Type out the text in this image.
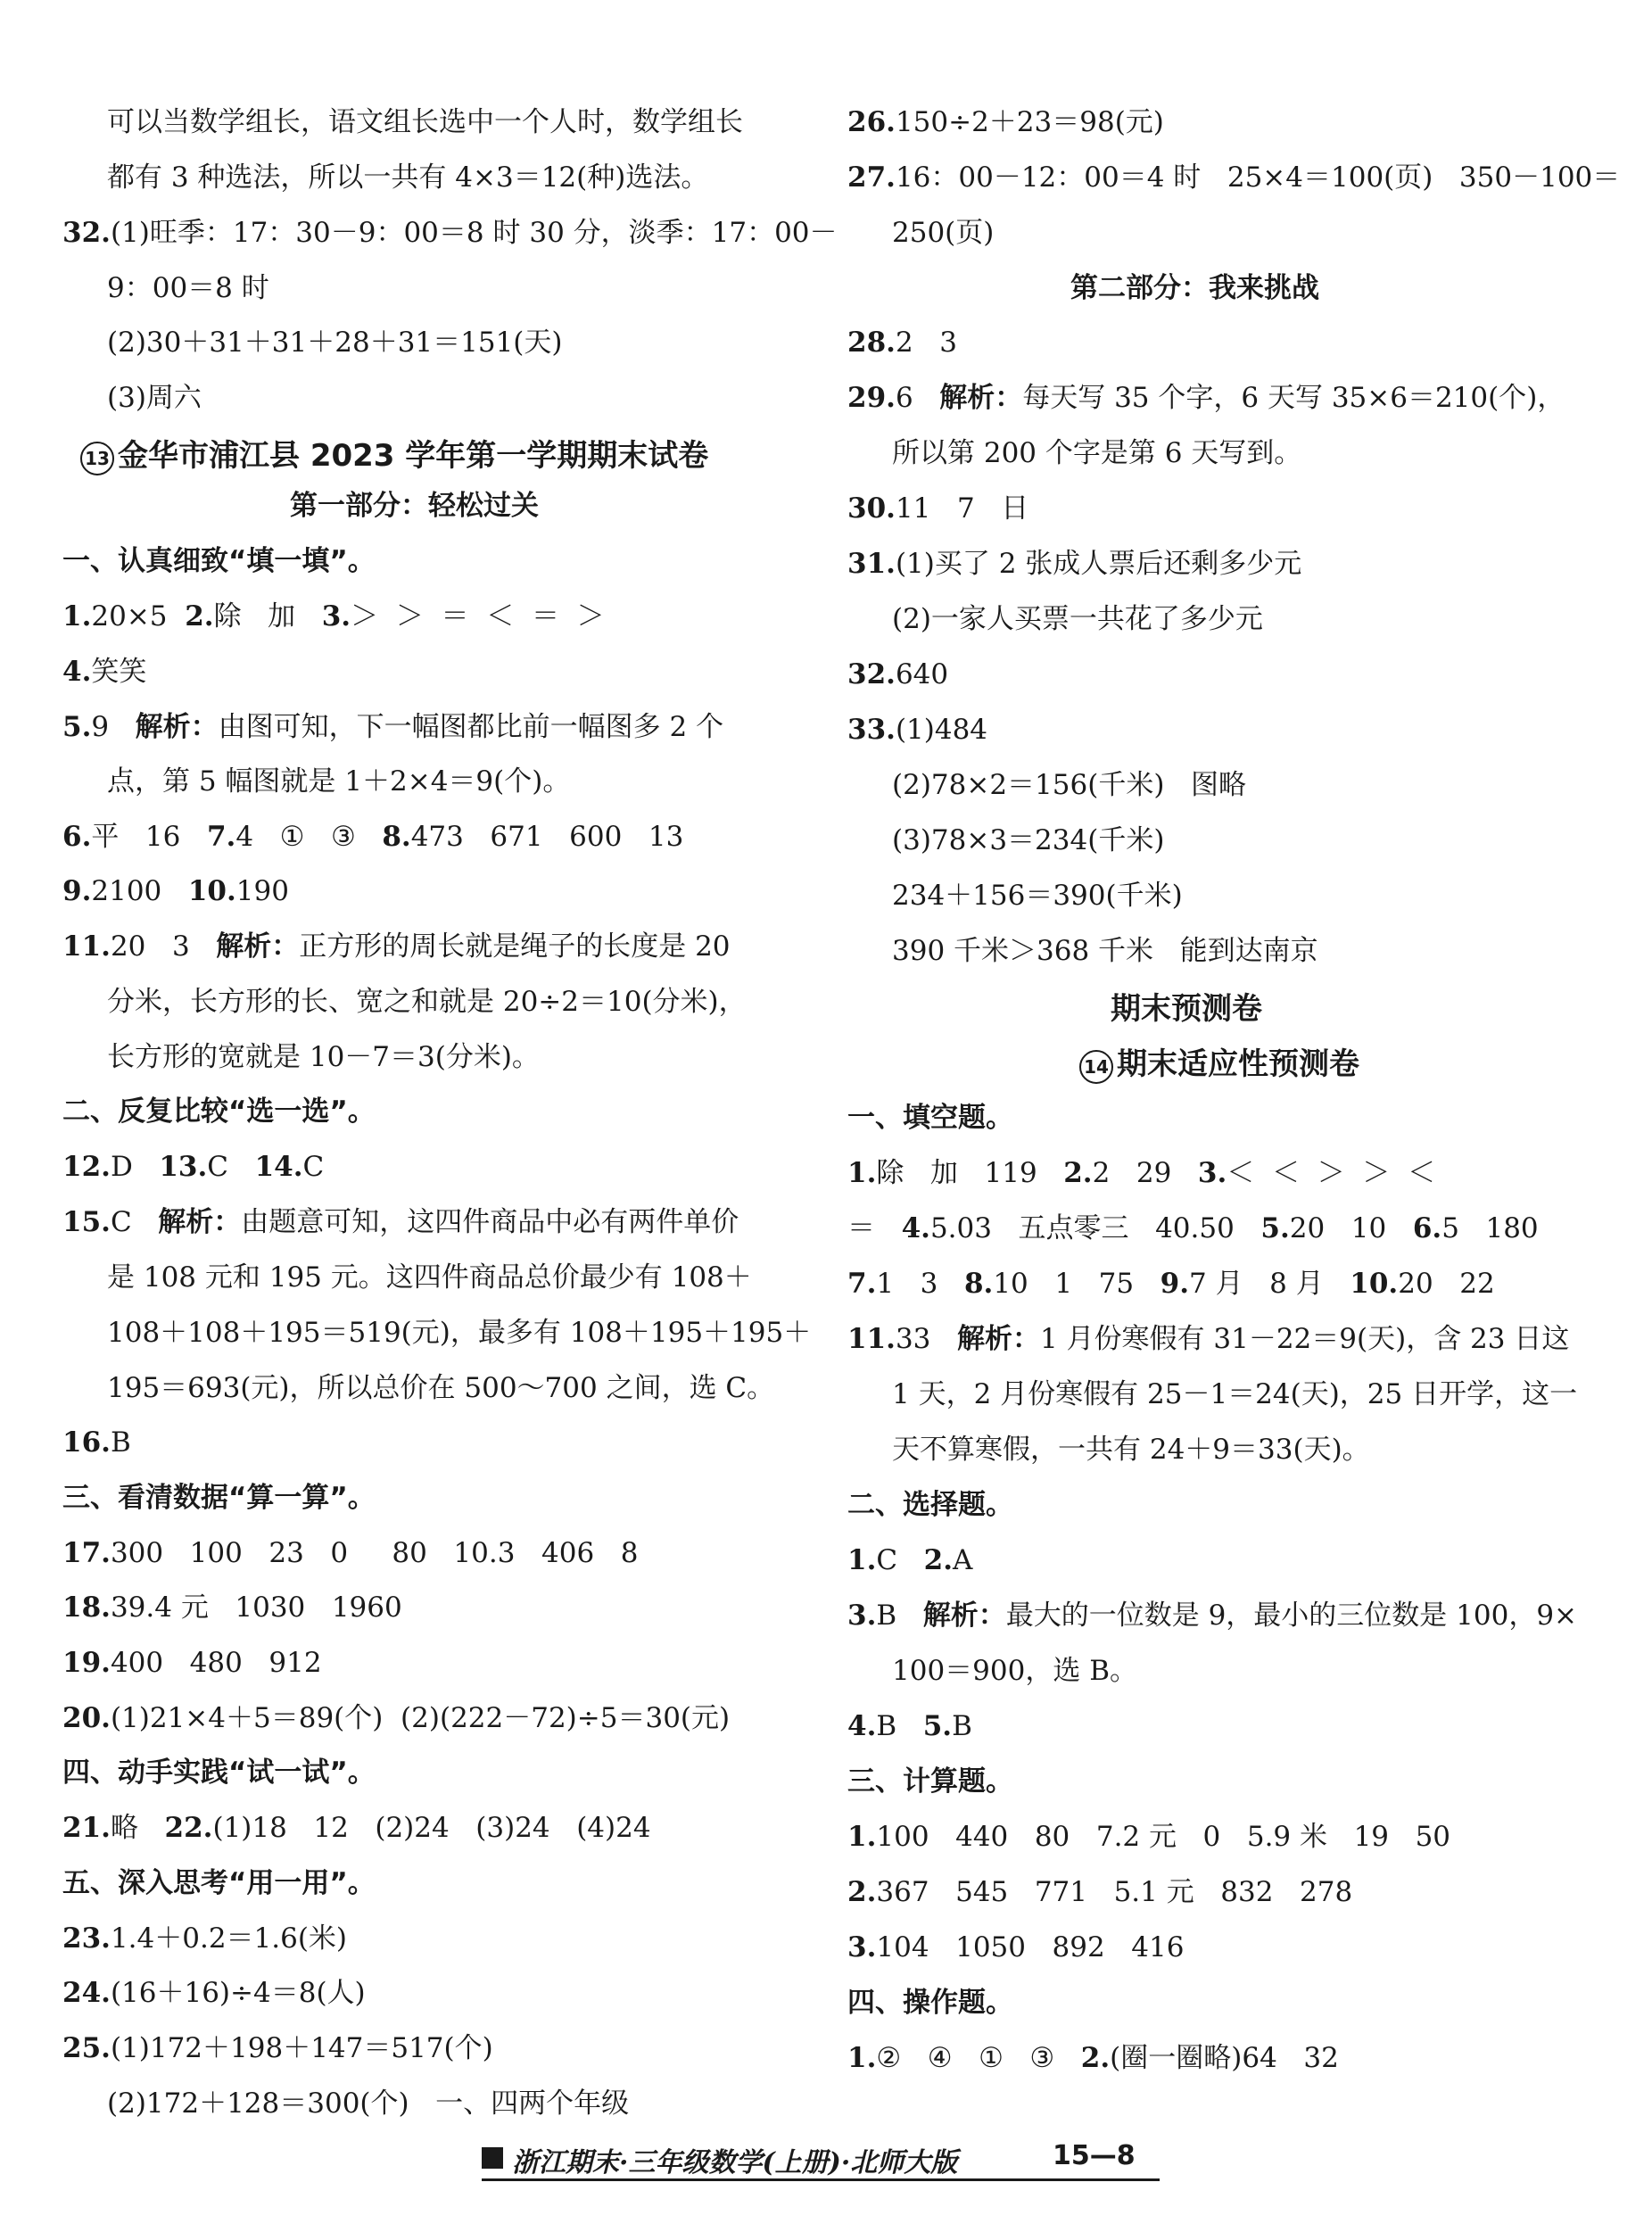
可以当数学组长，语文组长选中一个人时，数学组长
都有 3 种选法，所以一共有 4×3＝12(种)选法。
32.(1)旺季：17：30－9：00＝8 时 30 分，淡季：17：00－
9：00＝8 时
(2)30＋31＋31＋28＋31＝151(天)
(3)周六
13 金华市浦江县 2023 学年第一学期期末试卷
第一部分：轻松过关
一、认真细致“填一填”。
1.20×5  2.除   加   3.＞  ＞  ＝  ＜  ＝  ＞
4.笑笑
5.9   解析：由图可知，下一幅图都比前一幅图多 2 个
点，第 5 幅图就是 1＋2×4＝9(个)。
6.平   16   7.4   ①   ③   8.473   671   600   13
9.2100   10.190
11.20   3   解析：正方形的周长就是绳子的长度是 20
分米，长方形的长、宽之和就是 20÷2＝10(分米)，
长方形的宽就是 10－7＝3(分米)。
二、反复比较“选一选”。
12.D   13.C   14.C
15.C   解析：由题意可知，这四件商品中必有两件单价
是 108 元和 195 元。这四件商品总价最少有 108＋
108＋108＋195＝519(元)，最多有 108＋195＋195＋
195＝693(元)，所以总价在 500～700 之间，选 C。
16.B
三、看清数据“算一算”。
17.300   100   23   0     80   10.3   406   8
18.39.4 元   1030   1960
19.400   480   912
20.(1)21×4＋5＝89(个)  (2)(222－72)÷5＝30(元)
四、动手实践“试一试”。
21.略   22.(1)18   12   (2)24   (3)24   (4)24
五、深入思考“用一用”。
23.1.4＋0.2＝1.6(米)
24.(16＋16)÷4＝8(人)
25.(1)172＋198＋147＝517(个)
(2)172＋128＝300(个)   一、四两个年级
26.150÷2＋23＝98(元)
27.16：00－12：00＝4 时   25×4＝100(页)   350－100＝
250(页)
第二部分：我来挑战
28.2   3
29.6   解析：每天写 35 个字，6 天写 35×6＝210(个)，
所以第 200 个字是第 6 天写到。
30.11   7   日
31.(1)买了 2 张成人票后还剩多少元
(2)一家人买票一共花了多少元
32.640
33.(1)484
(2)78×2＝156(千米)   图略
(3)78×3＝234(千米)
234＋156＝390(千米)
390 千米＞368 千米   能到达南京
期末预测卷
14 期末适应性预测卷
一、填空题。
1.除   加   119   2.2   29   3.＜  ＜  ＞  ＞  ＜
＝   4.5.03   五点零三   40.50   5.20   10   6.5   180
7.1   3   8.10   1   75   9.7 月   8 月   10.20   22
11.33   解析：1 月份寒假有 31－22＝9(天)，含 23 日这
1 天，2 月份寒假有 25－1＝24(天)，25 日开学，这一
天不算寒假，一共有 24＋9＝33(天)。
二、选择题。
1.C   2.A
3.B   解析：最大的一位数是 9，最小的三位数是 100，9×
100＝900，选 B。
4.B   5.B
三、计算题。
1.100   440   80   7.2 元   0   5.9 米   19   50
2.367   545   771   5.1 元   832   278
3.104   1050   892   416
四、操作题。
1.②   ④   ①   ③   2.(圈一圈略)64   32
浙江期末·三年级数学(上册)·北师大版	15—8
